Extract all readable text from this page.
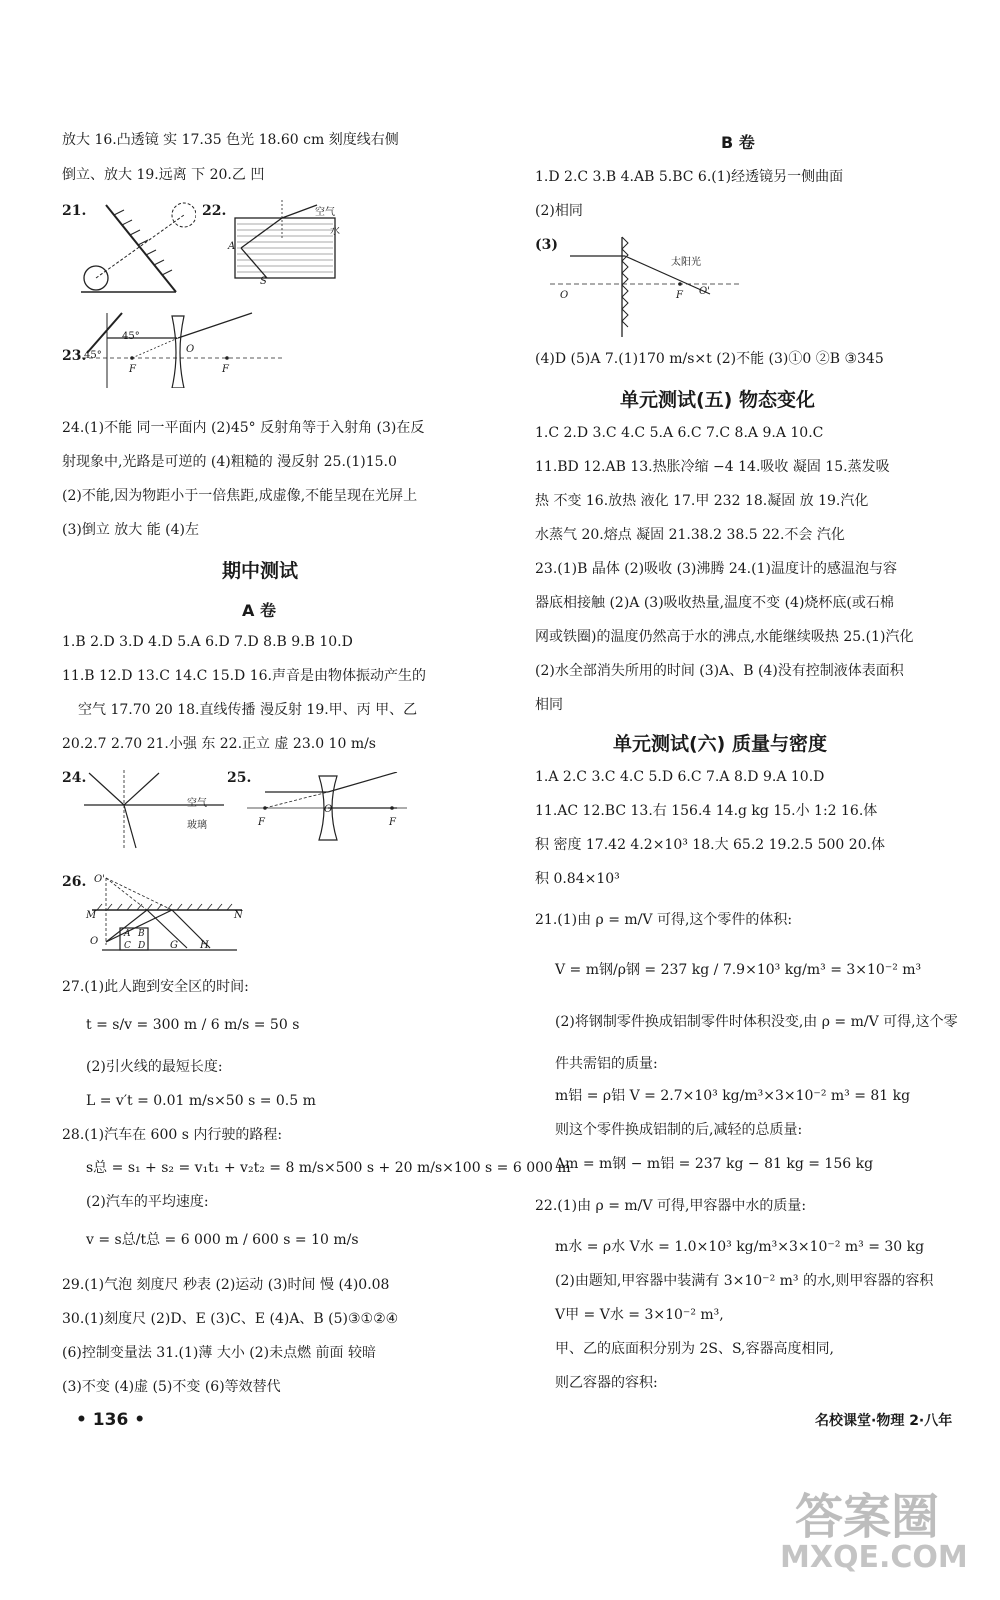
放大 16.凸透镜 实 17.35 色光 18.60 cm 刻度线右侧
倒立、放大 19.远离 下 20.乙 凹
21.	22.	空气
水
A
S
23.
45°
45°
F
O
F
24.(1)不能 同一平面内 (2)45° 反射角等于入射角 (3)在反
射现象中,光路是可逆的 (4)粗糙的 漫反射 25.(1)15.0
(2)不能,因为物距小于一倍焦距,成虚像,不能呈现在光屏上
(3)倒立 放大 能 (4)左
期中测试
A 卷
1.B 2.D 3.D 4.D 5.A 6.D 7.D 8.B 9.B 10.D
11.B 12.D 13.C 14.C 15.D 16.声音是由物体振动产生的
空气 17.70 20 18.直线传播 漫反射 19.甲、丙 甲、乙
20.2.7 2.70 21.小强 东 22.正立 虚 23.0 10 m/s
24.
空气
玻璃
25.
F
O
F
26. O'
M	N
O
A B
C D G H
27.(1)此人跑到安全区的时间:
t = s/v = 300 m / 6 m/s = 50 s
(2)引火线的最短长度:
L = v′t = 0.01 m/s×50 s = 0.5 m
28.(1)汽车在 600 s 内行驶的路程:
s总 = s₁ + s₂ = v₁t₁ + v₂t₂ = 8 m/s×500 s + 20 m/s×100 s = 6 000 m
(2)汽车的平均速度:
v = s总/t总 = 6 000 m / 600 s = 10 m/s
29.(1)气泡 刻度尺 秒表 (2)运动 (3)时间 慢 (4)0.08
30.(1)刻度尺 (2)D、E (3)C、E (4)A、B (5)③①②④
(6)控制变量法 31.(1)薄 大小 (2)未点燃 前面 较暗
(3)不变 (4)虚 (5)不变 (6)等效替代
• 136 •
B 卷
1.D 2.C 3.B 4.AB 5.BC 6.(1)经透镜另一侧曲面
(2)相同
(3)
太阳光
O	F O'
(4)D (5)A 7.(1)170 m/s×t (2)不能 (3)①0 ②B ③345
单元测试(五) 物态变化
1.C 2.D 3.C 4.C 5.A 6.C 7.C 8.A 9.A 10.C
11.BD 12.AB 13.热胀冷缩 −4 14.吸收 凝固 15.蒸发吸
热 不变 16.放热 液化 17.甲 232 18.凝固 放 19.汽化
水蒸气 20.熔点 凝固 21.38.2 38.5 22.不会 汽化
23.(1)B 晶体 (2)吸收 (3)沸腾 24.(1)温度计的感温泡与容
器底相接触 (2)A (3)吸收热量,温度不变 (4)烧杯底(或石棉
网或铁圈)的温度仍然高于水的沸点,水能继续吸热 25.(1)汽化
(2)水全部消失所用的时间 (3)A、B (4)没有控制液体表面积
相同
单元测试(六) 质量与密度
1.A 2.C 3.C 4.C 5.D 6.C 7.A 8.D 9.A 10.D
11.AC 12.BC 13.右 156.4 14.g kg 15.小 1:2 16.体
积 密度 17.42 4.2×10³ 18.大 65.2 19.2.5 500 20.体
积 0.84×10³
21.(1)由 ρ = m/V 可得,这个零件的体积:
V = m钢/ρ钢 = 237 kg / 7.9×10³ kg/m³ = 3×10⁻² m³
(2)将钢制零件换成铝制零件时体积没变,由 ρ = m/V 可得,这个零
件共需铝的质量:
m铝 = ρ铝 V = 2.7×10³ kg/m³×3×10⁻² m³ = 81 kg
则这个零件换成铝制的后,减轻的总质量:
Δm = m钢 − m铝 = 237 kg − 81 kg = 156 kg
22.(1)由 ρ = m/V 可得,甲容器中水的质量:
m水 = ρ水 V水 = 1.0×10³ kg/m³×3×10⁻² m³ = 30 kg
(2)由题知,甲容器中装满有 3×10⁻² m³ 的水,则甲容器的容积
V甲 = V水 = 3×10⁻² m³,
甲、乙的底面积分别为 2S、S,容器高度相同,
则乙容器的容积:
名校课堂·物理 2·八年
答案圈
MXQE.COM
